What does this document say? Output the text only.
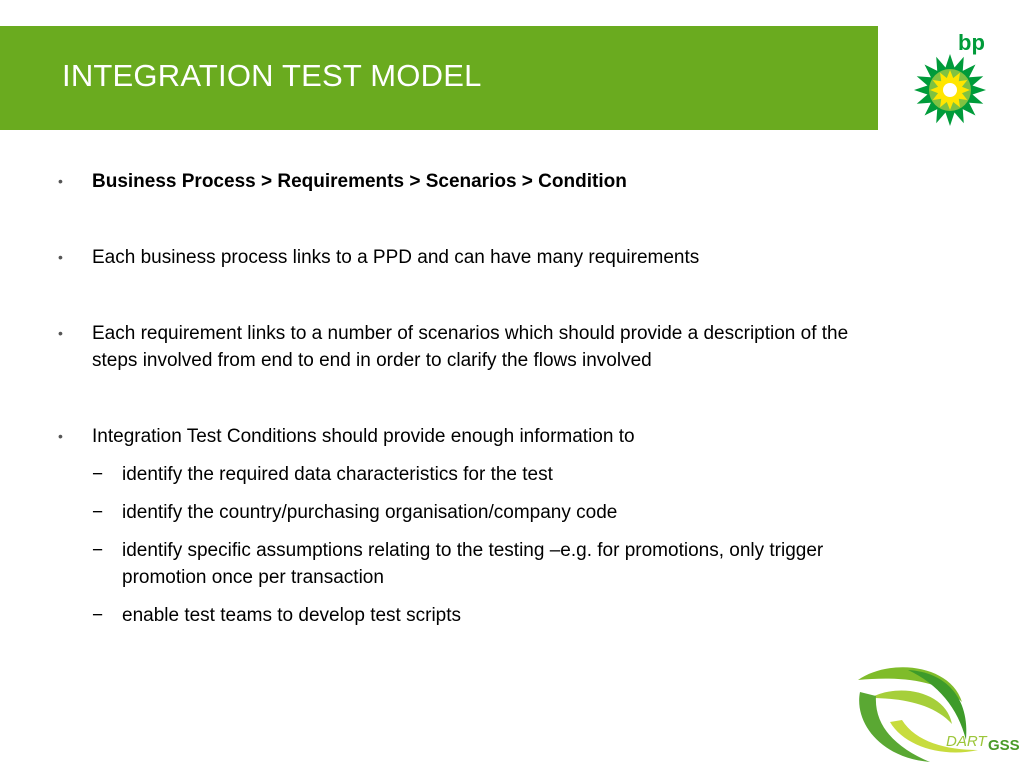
INTEGRATION TEST MODEL
bp
• Business Process > Requirements > Scenarios > Condition
• Each business process links to a PPD and can have many requirements
• Each requirement links to a number of scenarios which should provide a description of the steps involved from end to end in order to clarify the flows involved
• Integration Test Conditions should provide enough information to
− identify the required data characteristics for the test
− identify the country/purchasing organisation/company code
− identify specific assumptions relating to the testing –e.g. for promotions, only trigger promotion once per transaction
− enable test teams to develop test scripts
DART GSS
